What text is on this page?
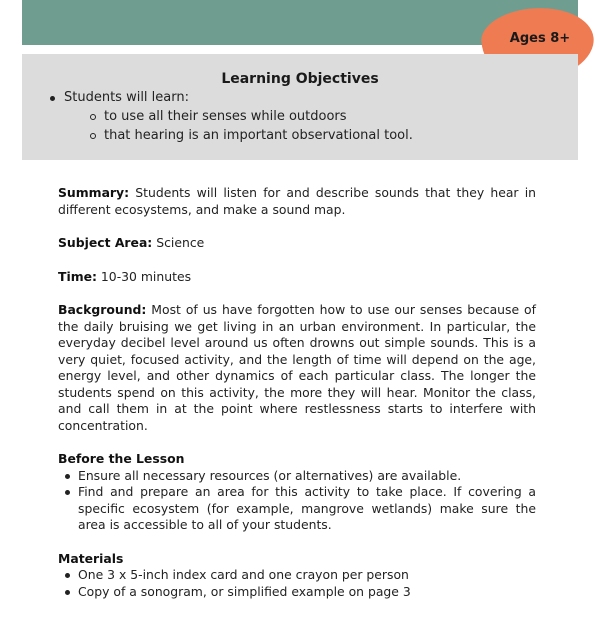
Ages 8+
Learning Objectives
Students will learn:
to use all their senses while outdoors
that hearing is an important observational tool.

Summary: Students will listen for and describe sounds that they hear in different ecosystems, and make a sound map.

Subject Area: Science

Time: 10-30 minutes

Background: Most of us have forgotten how to use our senses because of the daily bruising we get living in an urban environment. In particular, the everyday decibel level around us often drowns out simple sounds. This is a very quiet, focused activity, and the length of time will depend on the age, energy level, and other dynamics of each particular class. The longer the students spend on this activity, the more they will hear. Monitor the class, and call them in at the point where restlessness starts to interfere with concentration.

Before the Lesson
Ensure all necessary resources (or alternatives) are available.
Find and prepare an area for this activity to take place. If covering a specific ecosystem (for example, mangrove wetlands) make sure the area is accessible to all of your students.
Materials
One 3 x 5-inch index card and one crayon per person
Copy of a sonogram, or simplified example on page 3
